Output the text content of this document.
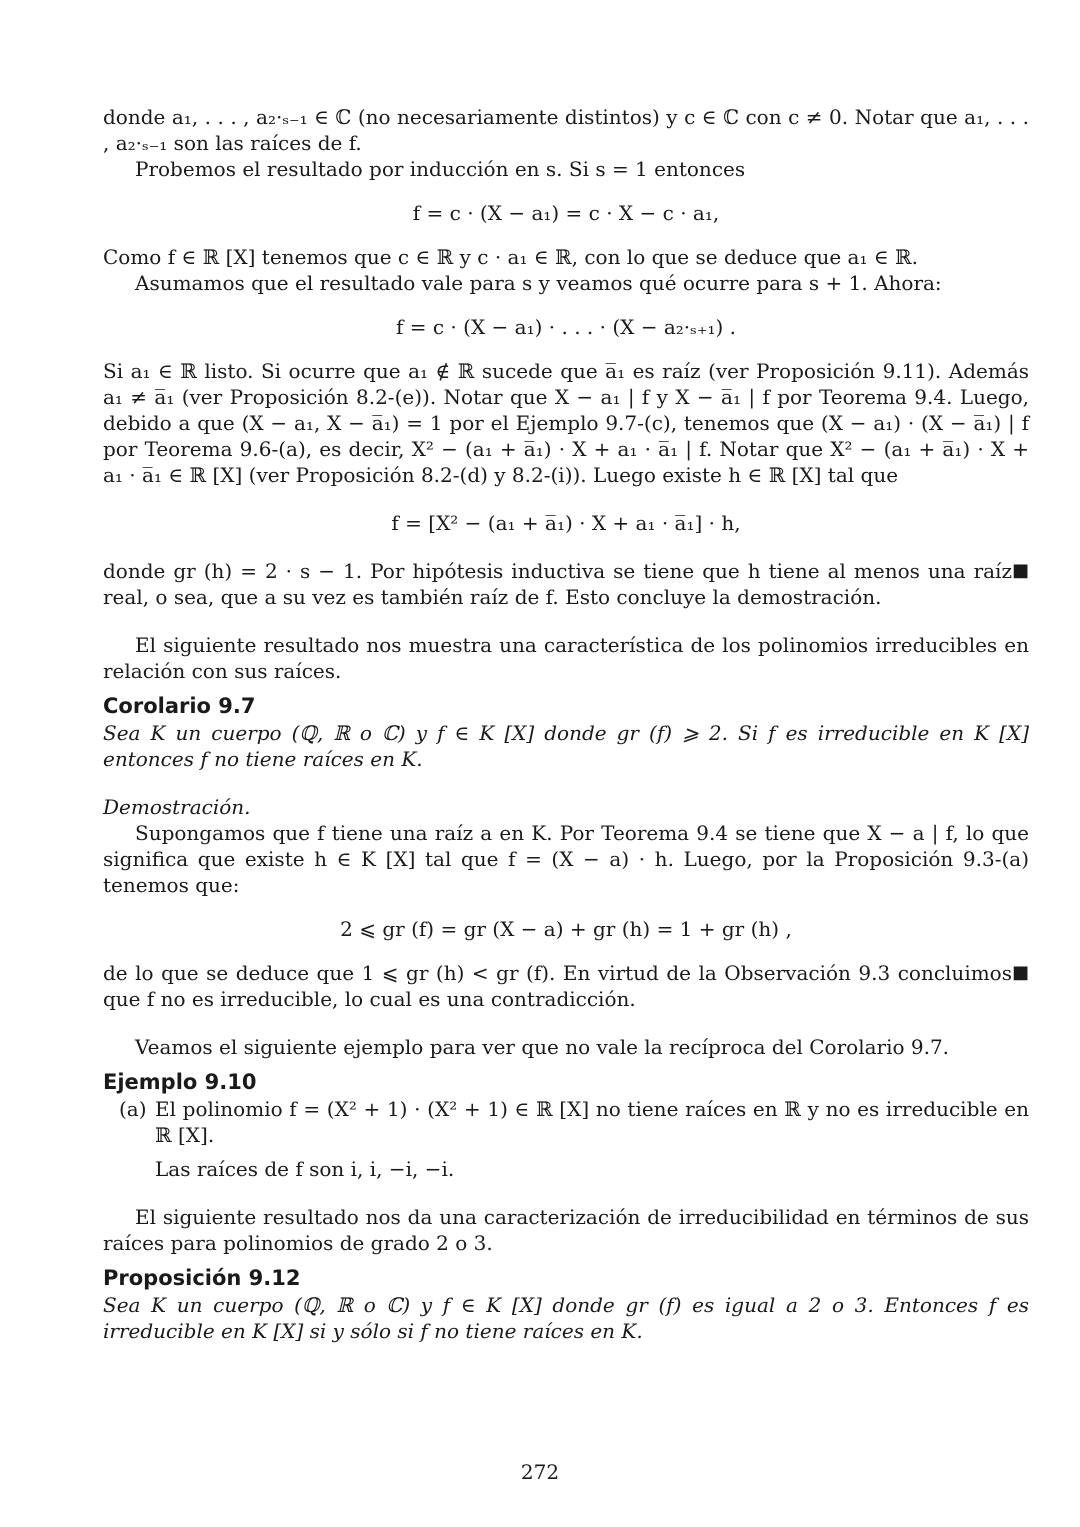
donde a₁, . . . , a₂·ₛ₋₁ ∈ ℂ (no necesariamente distintos) y c ∈ ℂ con c ≠ 0. Notar que a₁, . . . , a₂·ₛ₋₁ son las raíces de f.

Probemos el resultado por inducción en s. Si s = 1 entonces

f = c · (X − a₁) = c · X − c · a₁,

Como f ∈ ℝ [X] tenemos que c ∈ ℝ y c · a₁ ∈ ℝ, con lo que se deduce que a₁ ∈ ℝ.

Asumamos que el resultado vale para s y veamos qué ocurre para s + 1. Ahora:

f = c · (X − a₁) · . . . · (X − a₂·ₛ₊₁) .

Si a₁ ∈ ℝ listo. Si ocurre que a₁ ∉ ℝ sucede que a̅₁ es raíz (ver Proposición 9.11). Además a₁ ≠ a̅₁ (ver Proposición 8.2-(e)). Notar que X − a₁ | f y X − a̅₁ | f por Teorema 9.4. Luego, debido a que (X − a₁, X − a̅₁) = 1 por el Ejemplo 9.7-(c), tenemos que (X − a₁) · (X − a̅₁) | f por Teorema 9.6-(a), es decir, X² − (a₁ + a̅₁) · X + a₁ · a̅₁ | f. Notar que X² − (a₁ + a̅₁) · X + a₁ · a̅₁ ∈ ℝ [X] (ver Proposición 8.2-(d) y 8.2-(i)). Luego existe h ∈ ℝ [X] tal que

f = [X² − (a₁ + a̅₁) · X + a₁ · a̅₁] · h,

■
donde gr (h) = 2 · s − 1. Por hipótesis inductiva se tiene que h tiene al menos una raíz real, o sea, que a su vez es también raíz de f. Esto concluye la demostración.

El siguiente resultado nos muestra una característica de los polinomios irreducibles en relación con sus raíces.

Corolario 9.7

Sea K un cuerpo (ℚ, ℝ o ℂ) y f ∈ K [X] donde gr (f) ⩾ 2. Si f es irreducible en K [X] entonces f no tiene raíces en K.

Demostración.

Supongamos que f tiene una raíz a en K. Por Teorema 9.4 se tiene que X − a | f, lo que significa que existe h ∈ K [X] tal que f = (X − a) · h. Luego, por la Proposición 9.3-(a) tenemos que:

2 ⩽ gr (f) = gr (X − a) + gr (h) = 1 + gr (h) ,

■
de lo que se deduce que 1 ⩽ gr (h) < gr (f). En virtud de la Observación 9.3 concluimos que f no es irreducible, lo cual es una contradicción.

Veamos el siguiente ejemplo para ver que no vale la recíproca del Corolario 9.7.

Ejemplo 9.10
(a) El polinomio f = (X² + 1) · (X² + 1) ∈ ℝ [X] no tiene raíces en ℝ y no es irreducible en ℝ [X].

Las raíces de f son i, i, −i, −i.

El siguiente resultado nos da una caracterización de irreducibilidad en términos de sus raíces para polinomios de grado 2 o 3.

Proposición 9.12

Sea K un cuerpo (ℚ, ℝ o ℂ) y f ∈ K [X] donde gr (f) es igual a 2 o 3. Entonces f es irreducible en K [X] si y sólo si f no tiene raíces en K.

272
